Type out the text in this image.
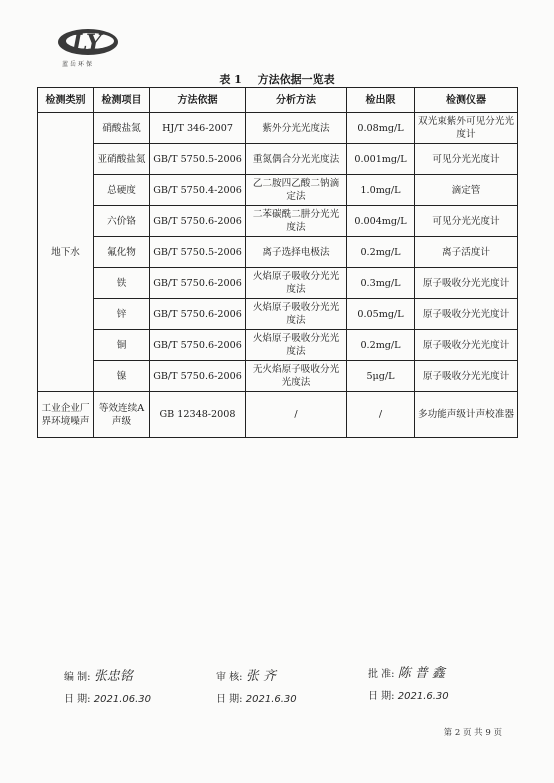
LY
蓝岳环保
表 1 方法依据一览表
检测类别	检测项目	方法依据	分析方法	检出限	检测仪器
地下水	硝酸盐氮	HJ/T 346-2007	紫外分光光度法	0.08mg/L	双光束紫外可见分光光度计
	亚硝酸盐氮	GB/T 5750.5-2006	重氮偶合分光光度法	0.001mg/L	可见分光光度计
	总硬度	GB/T 5750.4-2006	乙二胺四乙酸二钠滴定法	1.0mg/L	滴定管
	六价铬	GB/T 5750.6-2006	二苯碳酰二肼分光光度法	0.004mg/L	可见分光光度计
	氟化物	GB/T 5750.5-2006	离子选择电极法	0.2mg/L	离子活度计
	铁	GB/T 5750.6-2006	火焰原子吸收分光光度法	0.3mg/L	原子吸收分光光度计
	锌	GB/T 5750.6-2006	火焰原子吸收分光光度法	0.05mg/L	原子吸收分光光度计
	铜	GB/T 5750.6-2006	火焰原子吸收分光光度法	0.2mg/L	原子吸收分光光度计
	镍	GB/T 5750.6-2006	无火焰原子吸收分光光度法	5μg/L	原子吸收分光光度计
工业企业厂界环境噪声	等效连续A 声级	GB 12348-2008	/	/	多功能声级计声校准器
编 制: 张忠铭
日 期: 2021.06.30
审 核: 张 齐
日 期: 2021.6.30
批 准: 陈 普 鑫
日 期: 2021.6.30
第 2 页 共 9 页
